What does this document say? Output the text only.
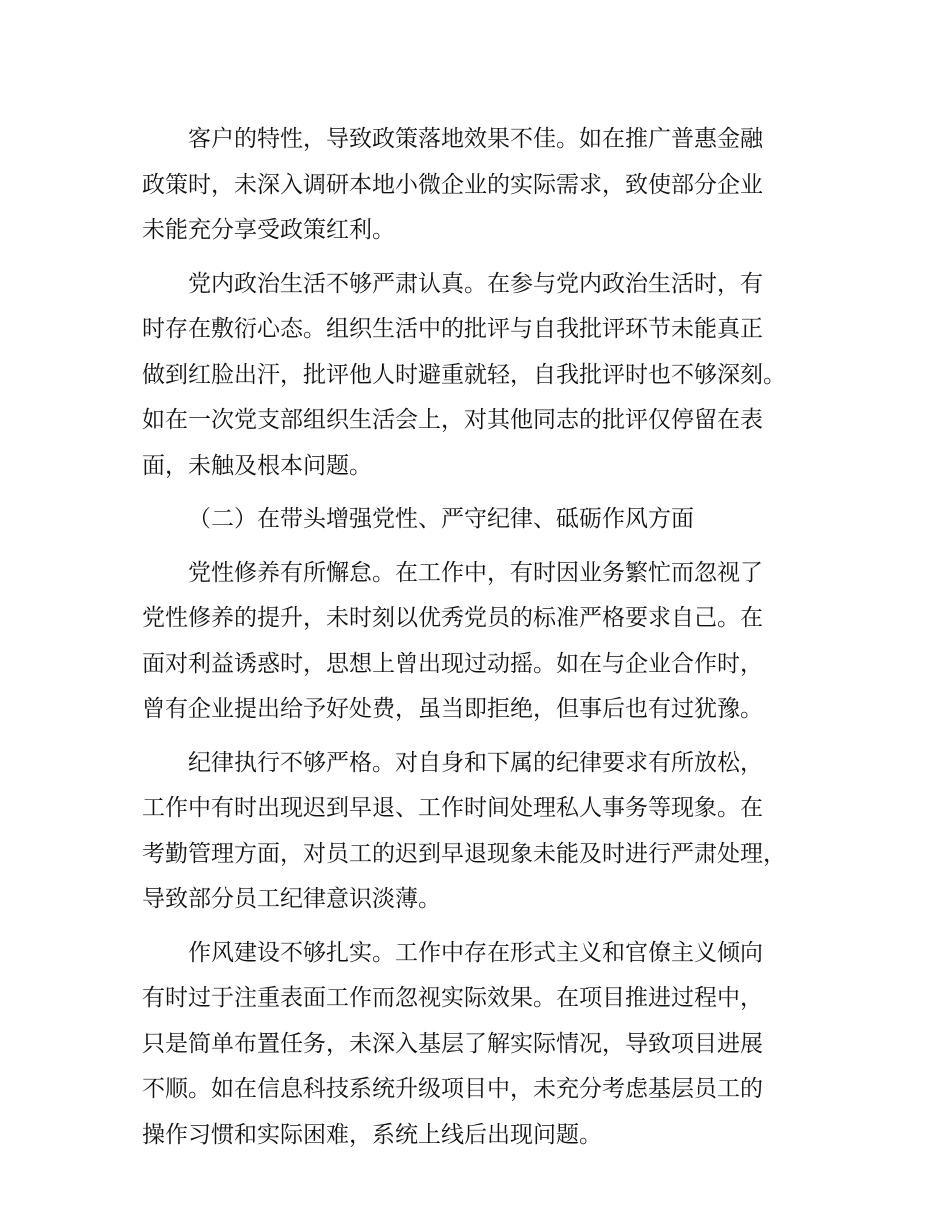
客户的特性，导致政策落地效果不佳。如在推广普惠金融
政策时，未深入调研本地小微企业的实际需求，致使部分企业
未能充分享受政策红利。

党内政治生活不够严肃认真。在参与党内政治生活时，有
时存在敷衍心态。组织生活中的批评与自我批评环节未能真正
做到红脸出汗，批评他人时避重就轻，自我批评时也不够深刻。
如在一次党支部组织生活会上，对其他同志的批评仅停留在表
面，未触及根本问题。

（二）在带头增强党性、严守纪律、砥砺作风方面

党性修养有所懈怠。在工作中，有时因业务繁忙而忽视了
党性修养的提升，未时刻以优秀党员的标准严格要求自己。在
面对利益诱惑时，思想上曾出现过动摇。如在与企业合作时，
曾有企业提出给予好处费，虽当即拒绝，但事后也有过犹豫。

纪律执行不够严格。对自身和下属的纪律要求有所放松，
工作中有时出现迟到早退、工作时间处理私人事务等现象。在
考勤管理方面，对员工的迟到早退现象未能及时进行严肃处理，
导致部分员工纪律意识淡薄。

作风建设不够扎实。工作中存在形式主义和官僚主义倾向
有时过于注重表面工作而忽视实际效果。在项目推进过程中，
只是简单布置任务，未深入基层了解实际情况，导致项目进展
不顺。如在信息科技系统升级项目中，未充分考虑基层员工的
操作习惯和实际困难，系统上线后出现问题。
